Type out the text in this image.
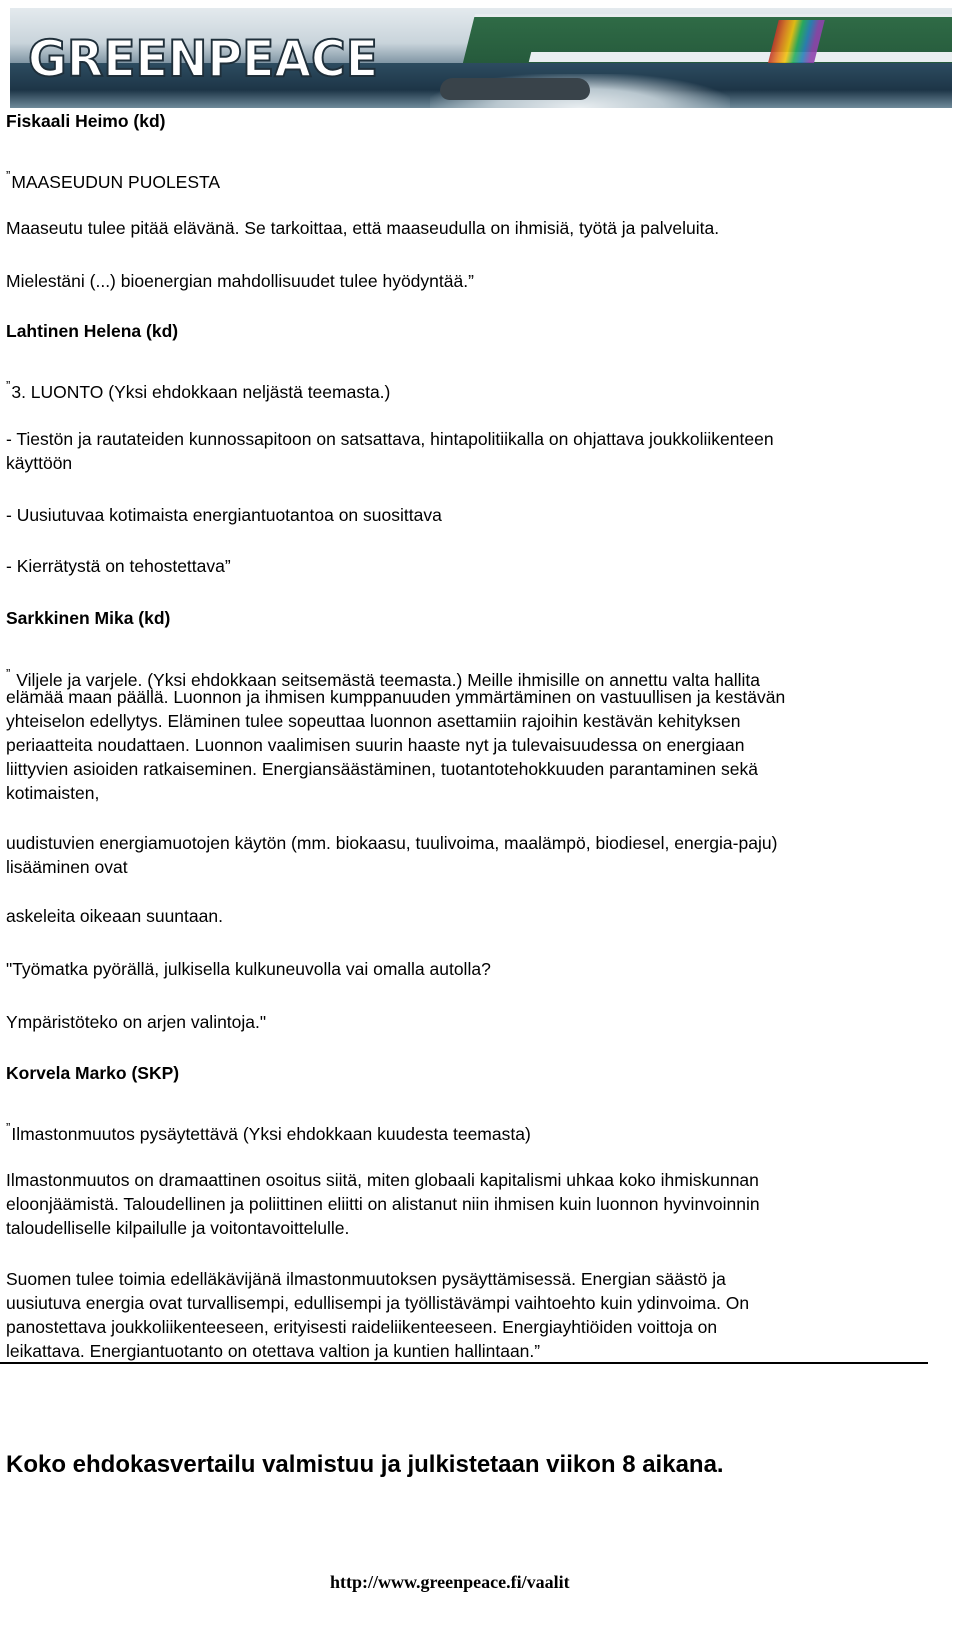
GREENPEACE

Fiskaali Heimo (kd)

”MAASEUDUN PUOLESTA

Maaseutu tulee pitää elävänä. Se tarkoittaa, että maaseudulla on ihmisiä, työtä ja palveluita.

Mielestäni (...) bioenergian mahdollisuudet tulee hyödyntää.”

Lahtinen Helena (kd)

”3. LUONTO (Yksi ehdokkaan neljästä teemasta.)

- Tiestön ja rautateiden kunnossapitoon on satsattava, hintapolitiikalla on ohjattava joukkoliikenteen

käyttöön

- Uusiutuvaa kotimaista energiantuotantoa on suosittava

- Kierrätystä on tehostettava”

Sarkkinen Mika (kd)

” Viljele ja varjele. (Yksi ehdokkaan seitsemästä teemasta.) Meille ihmisille on annettu valta hallita

elämää maan päällä. Luonnon ja ihmisen kumppanuuden ymmärtäminen on vastuullisen ja kestävän

yhteiselon edellytys. Eläminen tulee sopeuttaa luonnon asettamiin rajoihin kestävän kehityksen

periaatteita noudattaen. Luonnon vaalimisen suurin haaste nyt ja tulevaisuudessa on energiaan

liittyvien asioiden ratkaiseminen. Energiansäästäminen, tuotantotehokkuuden parantaminen sekä

kotimaisten,

uudistuvien energiamuotojen käytön (mm. biokaasu, tuulivoima, maalämpö, biodiesel, energia-paju)

lisääminen ovat

askeleita oikeaan suuntaan.

"Työmatka pyörällä, julkisella kulkuneuvolla vai omalla autolla?

Ympäristöteko on arjen valintoja."

Korvela Marko (SKP)

”Ilmastonmuutos pysäytettävä (Yksi ehdokkaan kuudesta teemasta)

Ilmastonmuutos on dramaattinen osoitus siitä, miten globaali kapitalismi uhkaa koko ihmiskunnan

eloonjäämistä. Taloudellinen ja poliittinen eliitti on alistanut niin ihmisen kuin luonnon hyvinvoinnin

taloudelliselle kilpailulle ja voitontavoittelulle.

Suomen tulee toimia edelläkävijänä ilmastonmuutoksen pysäyttämisessä. Energian säästö ja

uusiutuva energia ovat turvallisempi, edullisempi ja työllistävämpi vaihtoehto kuin ydinvoima. On

panostettava joukkoliikenteeseen, erityisesti raideliikenteeseen. Energiayhtiöiden voittoja on

leikattava. Energiantuotanto on otettava valtion ja kuntien hallintaan.”

Koko ehdokasvertailu valmistuu ja julkistetaan viikon 8 aikana.

http://www.greenpeace.fi/vaalit
